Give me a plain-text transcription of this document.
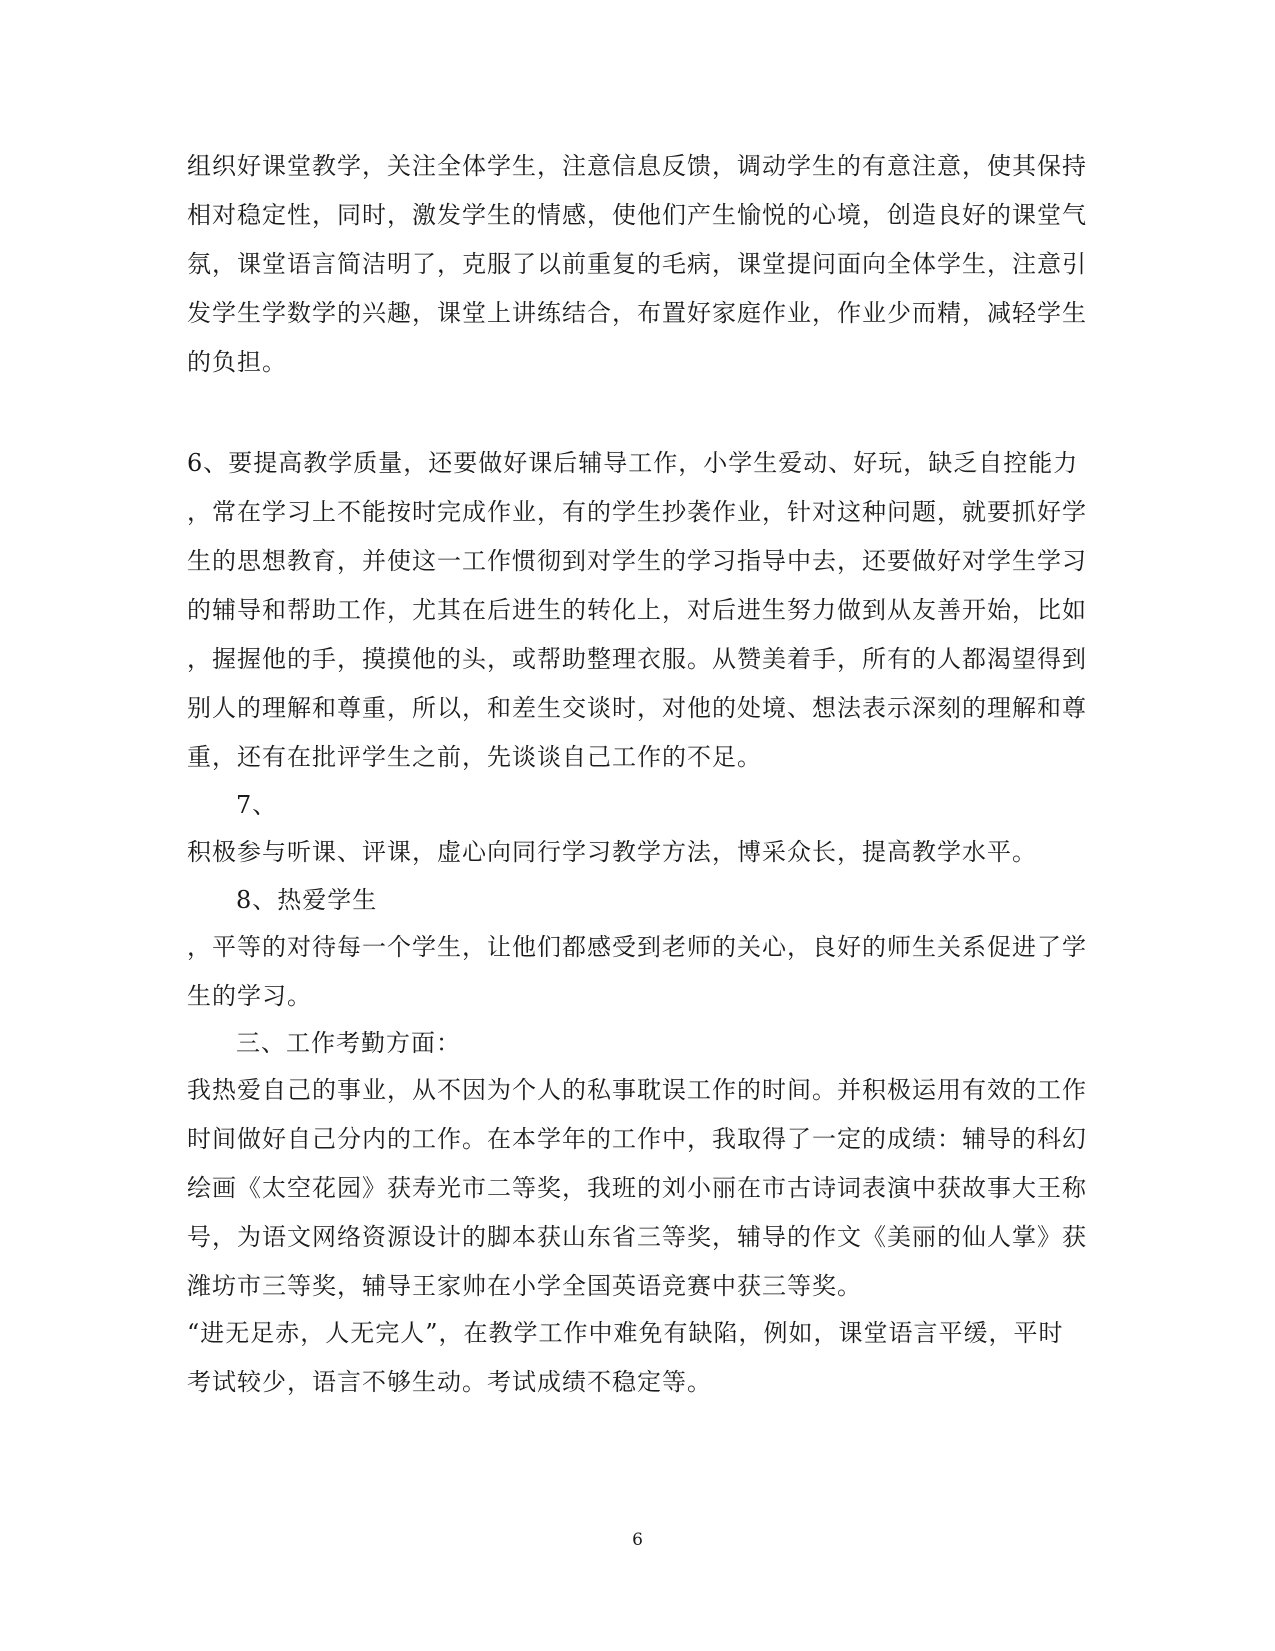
组织好课堂教学，关注全体学生，注意信息反馈，调动学生的有意注意，使其保持
相对稳定性，同时，激发学生的情感，使他们产生愉悦的心境，创造良好的课堂气
氛，课堂语言简洁明了，克服了以前重复的毛病，课堂提问面向全体学生，注意引
发学生学数学的兴趣，课堂上讲练结合，布置好家庭作业，作业少而精，减轻学生
的负担。
6、要提高教学质量，还要做好课后辅导工作，小学生爱动、好玩，缺乏自控能力
，常在学习上不能按时完成作业，有的学生抄袭作业，针对这种问题，就要抓好学
生的思想教育，并使这一工作惯彻到对学生的学习指导中去，还要做好对学生学习
的辅导和帮助工作，尤其在后进生的转化上，对后进生努力做到从友善开始，比如
，握握他的手，摸摸他的头，或帮助整理衣服。从赞美着手，所有的人都渴望得到
别人的理解和尊重，所以，和差生交谈时，对他的处境、想法表示深刻的理解和尊
重，还有在批评学生之前，先谈谈自己工作的不足。
7、
积极参与听课、评课，虚心向同行学习教学方法，博采众长，提高教学水平。
8、热爱学生
，平等的对待每一个学生，让他们都感受到老师的关心，良好的师生关系促进了学
生的学习。
三、工作考勤方面：
我热爱自己的事业，从不因为个人的私事耽误工作的时间。并积极运用有效的工作
时间做好自己分内的工作。在本学年的工作中，我取得了一定的成绩：辅导的科幻
绘画《太空花园》获寿光市二等奖，我班的刘小丽在市古诗词表演中获故事大王称
号，为语文网络资源设计的脚本获山东省三等奖，辅导的作文《美丽的仙人掌》获
潍坊市三等奖，辅导王家帅在小学全国英语竞赛中获三等奖。
“进无足赤，人无完人”，在教学工作中难免有缺陷，例如，课堂语言平缓，平时
考试较少，语言不够生动。考试成绩不稳定等。
6
